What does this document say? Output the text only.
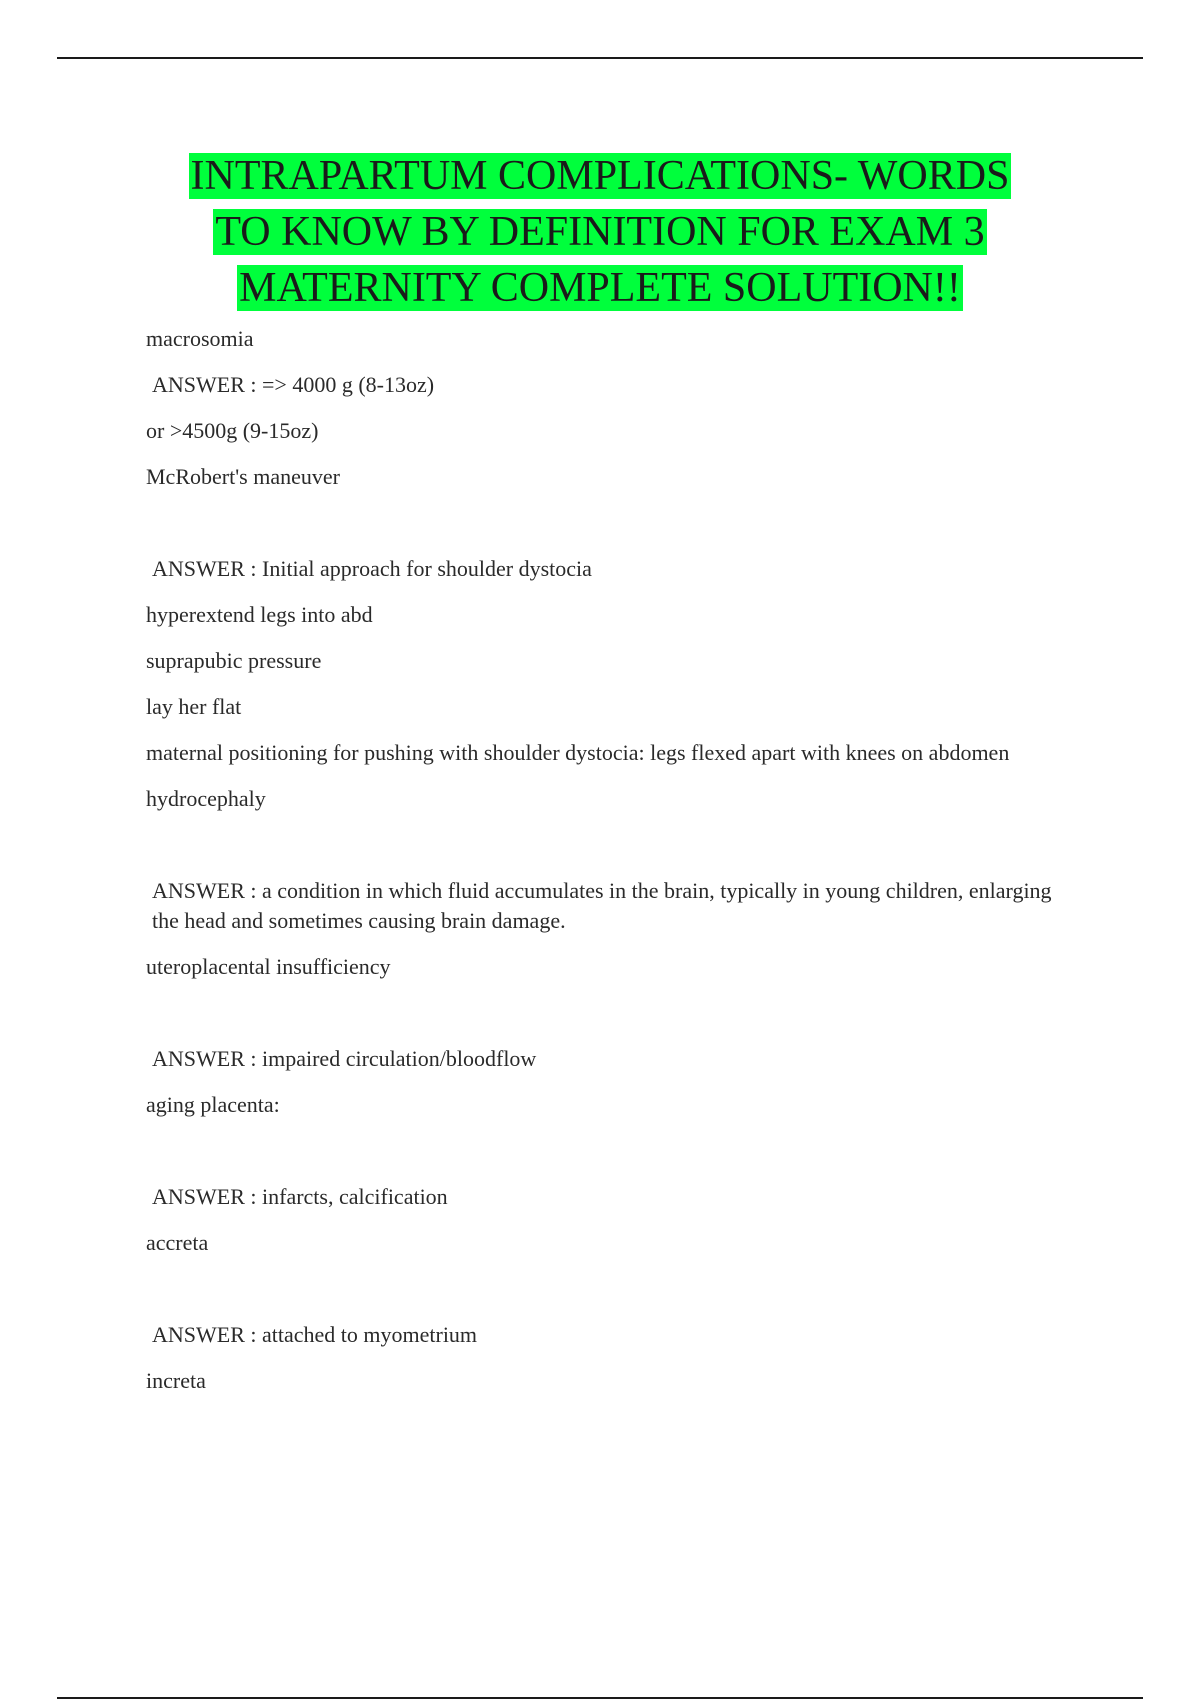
INTRAPARTUM COMPLICATIONS- WORDS
TO KNOW BY DEFINITION FOR EXAM 3
MATERNITY COMPLETE SOLUTION!!

macrosomia

ANSWER : => 4000 g (8-13oz)

or >4500g (9-15oz)

McRobert's maneuver

ANSWER : Initial approach for shoulder dystocia

hyperextend legs into abd

suprapubic pressure

lay her flat

maternal positioning for pushing with shoulder dystocia: legs flexed apart with knees on abdomen

hydrocephaly

ANSWER : a condition in which fluid accumulates in the brain, typically in young children, enlarging the head and sometimes causing brain damage.

uteroplacental insufficiency

ANSWER : impaired circulation/bloodflow

aging placenta:

ANSWER : infarcts, calcification

accreta

ANSWER : attached to myometrium

increta
